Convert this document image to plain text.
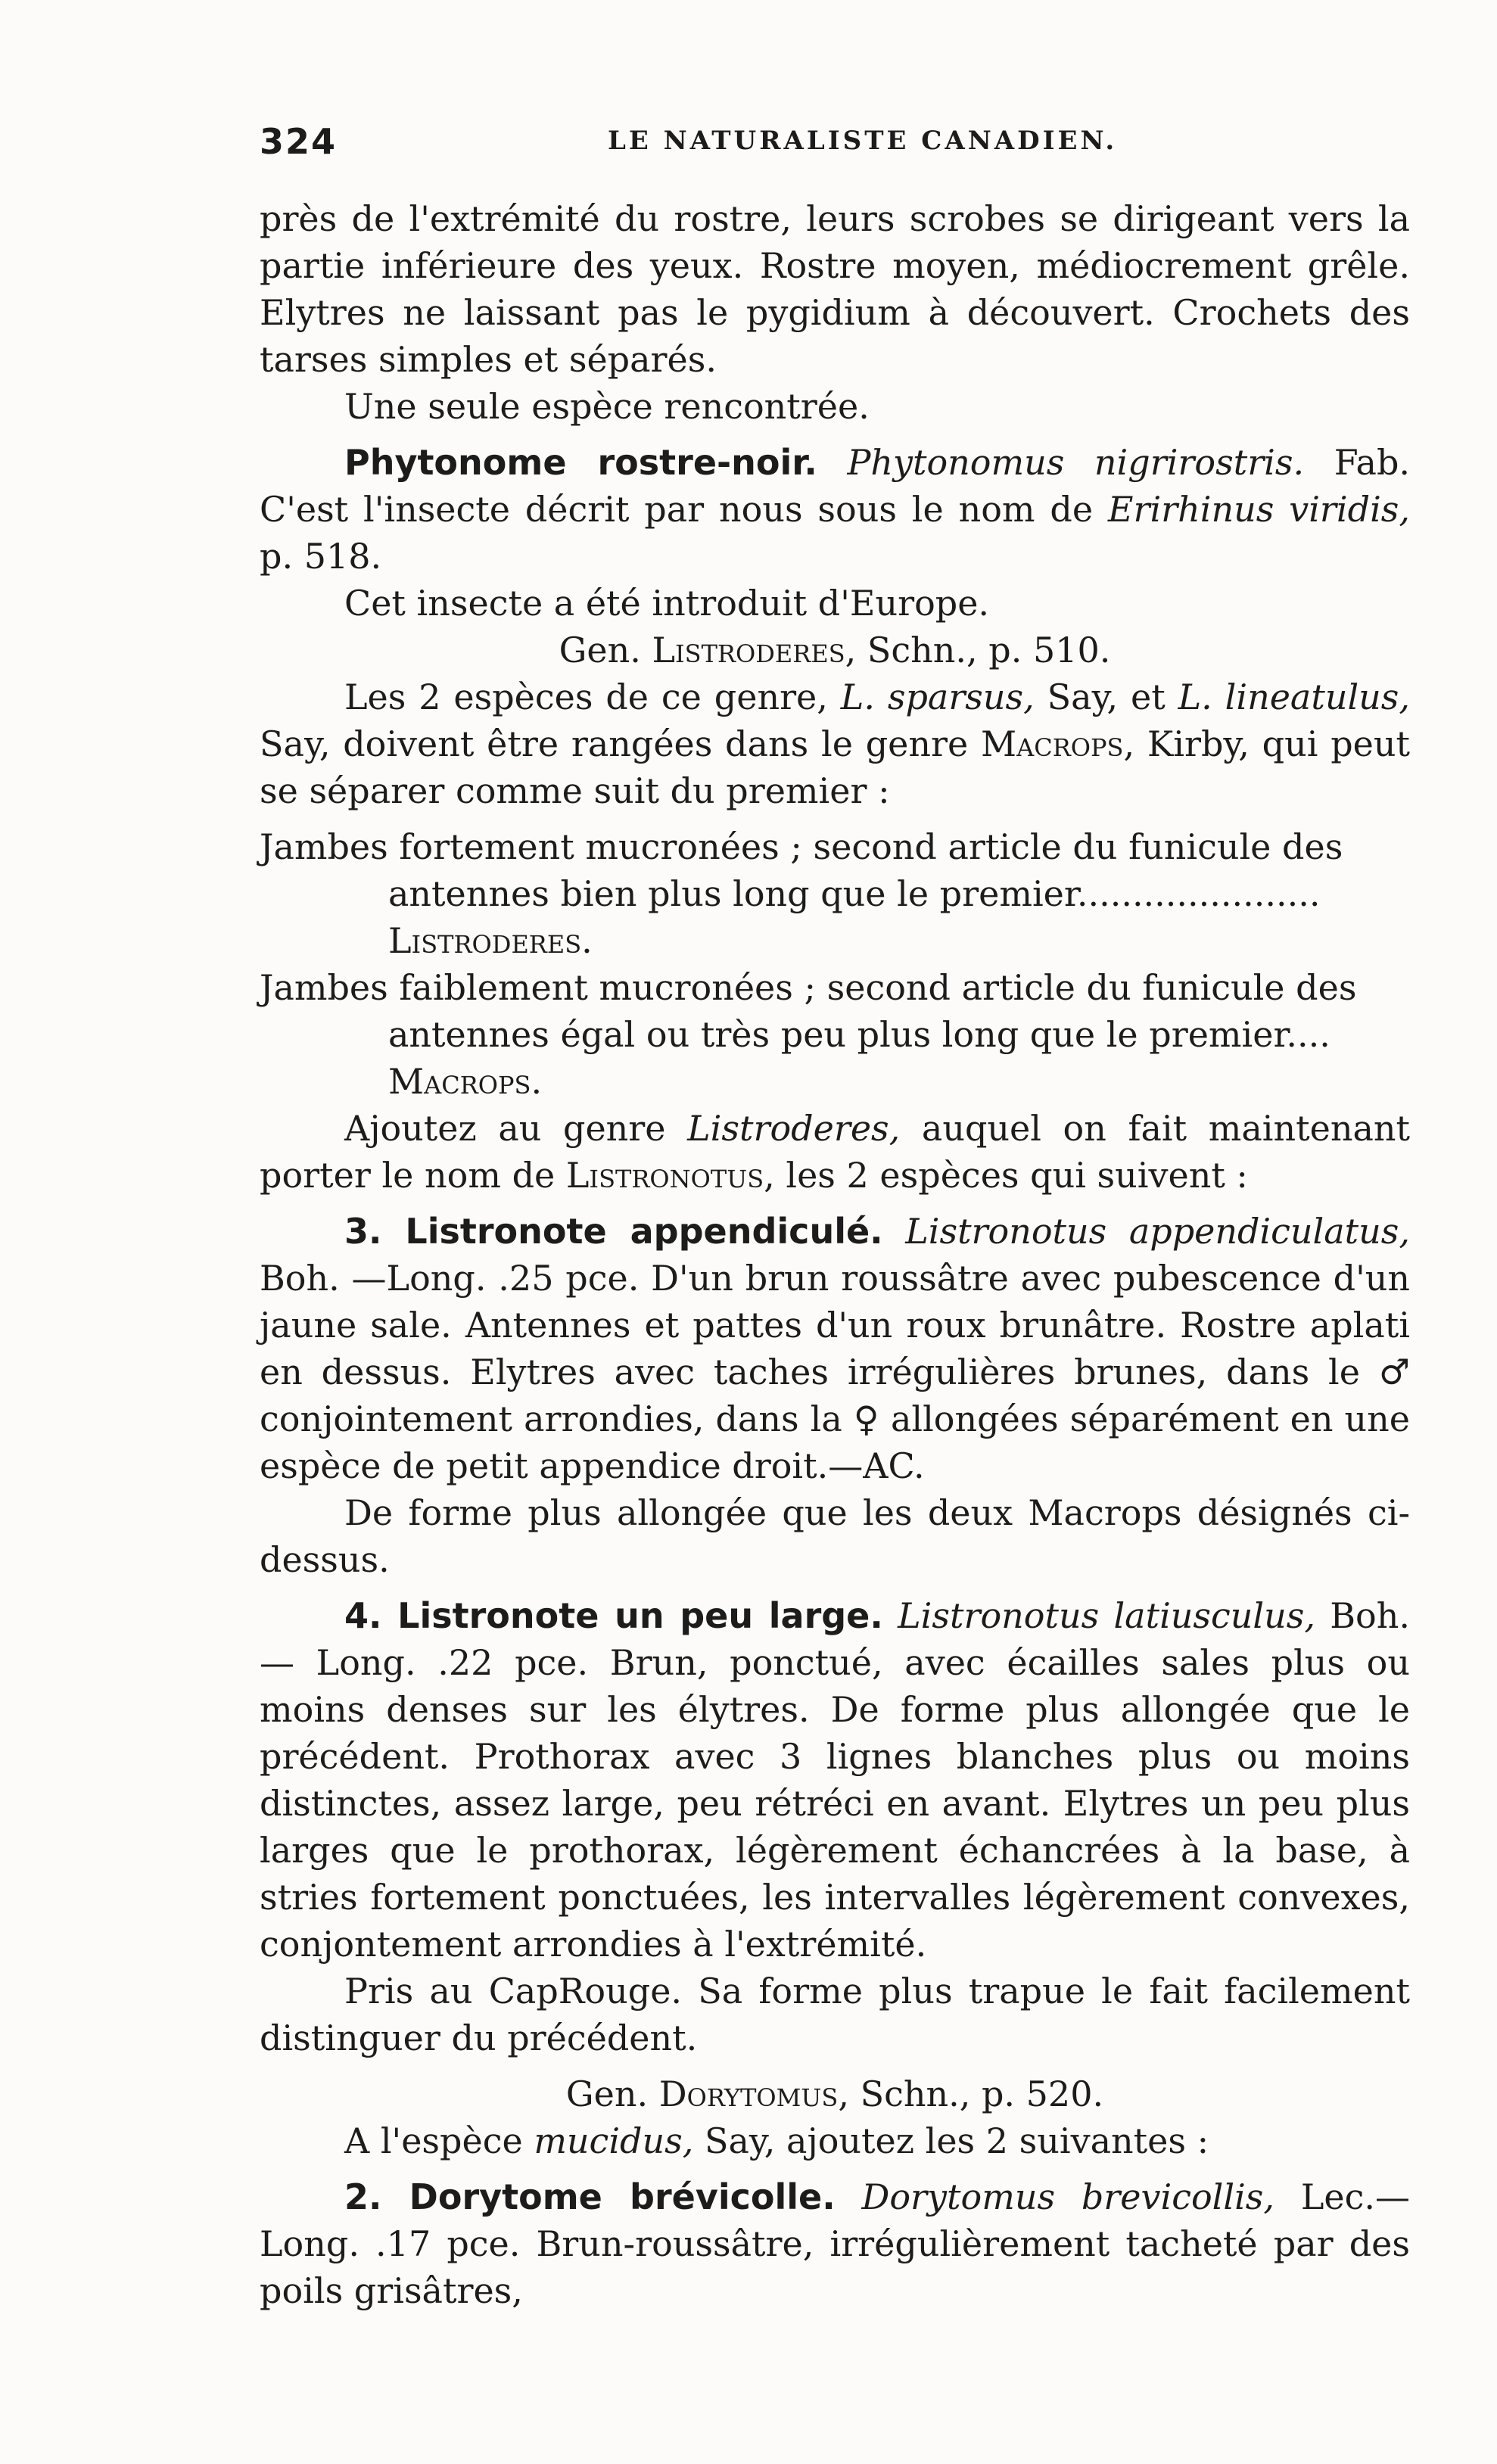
324	LE NATURALISTE CANADIEN.

près de l'extrémité du rostre, leurs scrobes se dirigeant vers la partie inférieure des yeux. Rostre moyen, médiocrement grêle. Elytres ne laissant pas le pygidium à découvert. Crochets des tarses simples et séparés.

Une seule espèce rencontrée.

Phytonome rostre-noir. Phytonomus nigrirostris. Fab. C'est l'insecte décrit par nous sous le nom de Erirhinus viridis, p. 518.

Cet insecte a été introduit d'Europe.

Gen. Listroderes, Schn., p. 510.

Les 2 espèces de ce genre, L. sparsus, Say, et L. lineatulus, Say, doivent être rangées dans le genre Macrops, Kirby, qui peut se séparer comme suit du premier :

Jambes fortement mucronées ; second article du funicule des antennes bien plus long que le premier...................... Listroderes.

Jambes faiblement mucronées ; second article du funicule des antennes égal ou très peu plus long que le premier.... Macrops.

Ajoutez au genre Listroderes, auquel on fait maintenant porter le nom de Listronotus, les 2 espèces qui suivent :

3. Listronote appendiculé. Listronotus appendiculatus, Boh. —Long. .25 pce. D'un brun roussâtre avec pubescence d'un jaune sale. Antennes et pattes d'un roux brunâtre. Rostre aplati en dessus. Elytres avec taches irrégulières brunes, dans le ♂ conjointement arrondies, dans la ♀ allongées séparément en une espèce de petit appendice droit.—AC.

De forme plus allongée que les deux Macrops désignés ci-dessus.

4. Listronote un peu large. Listronotus latiusculus, Boh. — Long. .22 pce. Brun, ponctué, avec écailles sales plus ou moins denses sur les élytres. De forme plus allongée que le précédent. Prothorax avec 3 lignes blanches plus ou moins distinctes, assez large, peu rétréci en avant. Elytres un peu plus larges que le prothorax, légèrement échancrées à la base, à stries fortement ponctuées, les intervalles légèrement convexes, conjontement arrondies à l'extrémité.

Pris au CapRouge. Sa forme plus trapue le fait facilement distinguer du précédent.

Gen. Dorytomus, Schn., p. 520.

A l'espèce mucidus, Say, ajoutez les 2 suivantes :

2. Dorytome brévicolle. Dorytomus brevicollis, Lec.—Long. .17 pce. Brun-roussâtre, irrégulièrement tacheté par des poils grisâtres,
